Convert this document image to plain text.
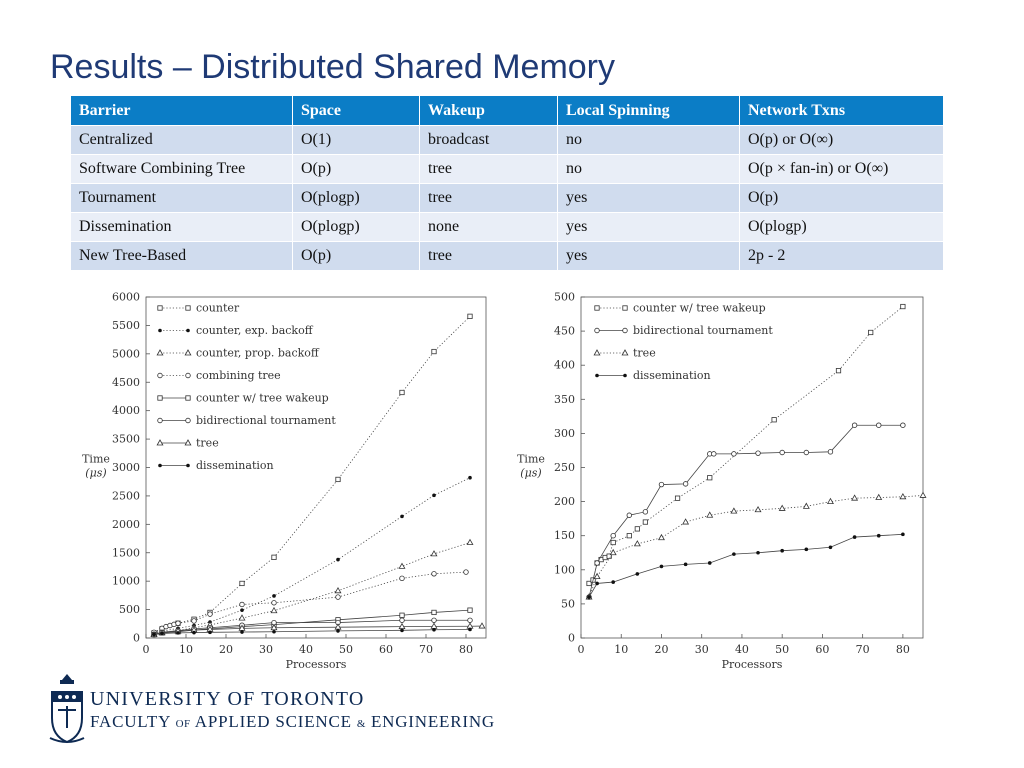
Results – Distributed Shared Memory
Barrier	Space	Wakeup	Local Spinning	Network Txns
Centralized	O(1)	broadcast	no	O(p) or O(∞)
Software Combining Tree	O(p)	tree	no	O(p × fan-in) or O(∞)
Tournament	O(plogp)	tree	yes	O(p)
Dissemination	O(plogp)	none	yes	O(plogp)
New Tree-Based	O(p)	tree	yes	2p - 2
0
500
1000
1500
2000
2500
3000
3500
4000
4500
5000
5500
6000
0	10 20 30 40 50 60 70 80
Processors
Time
(μs)
counter
counter, exp. backoff
counter, prop. backoff
combining tree
counter w/ tree wakeup
bidirectional tournament
tree
dissemination
0
50
100
150
200
250
300
350
400
450
500
0	10 20 30 40 50 60 70 80
Processors
Time
(μs)
counter w/ tree wakeup
bidirectional tournament
tree
dissemination
UNIVERSITY OF TORONTO
FACULTY OF APPLIED SCIENCE & ENGINEERING
